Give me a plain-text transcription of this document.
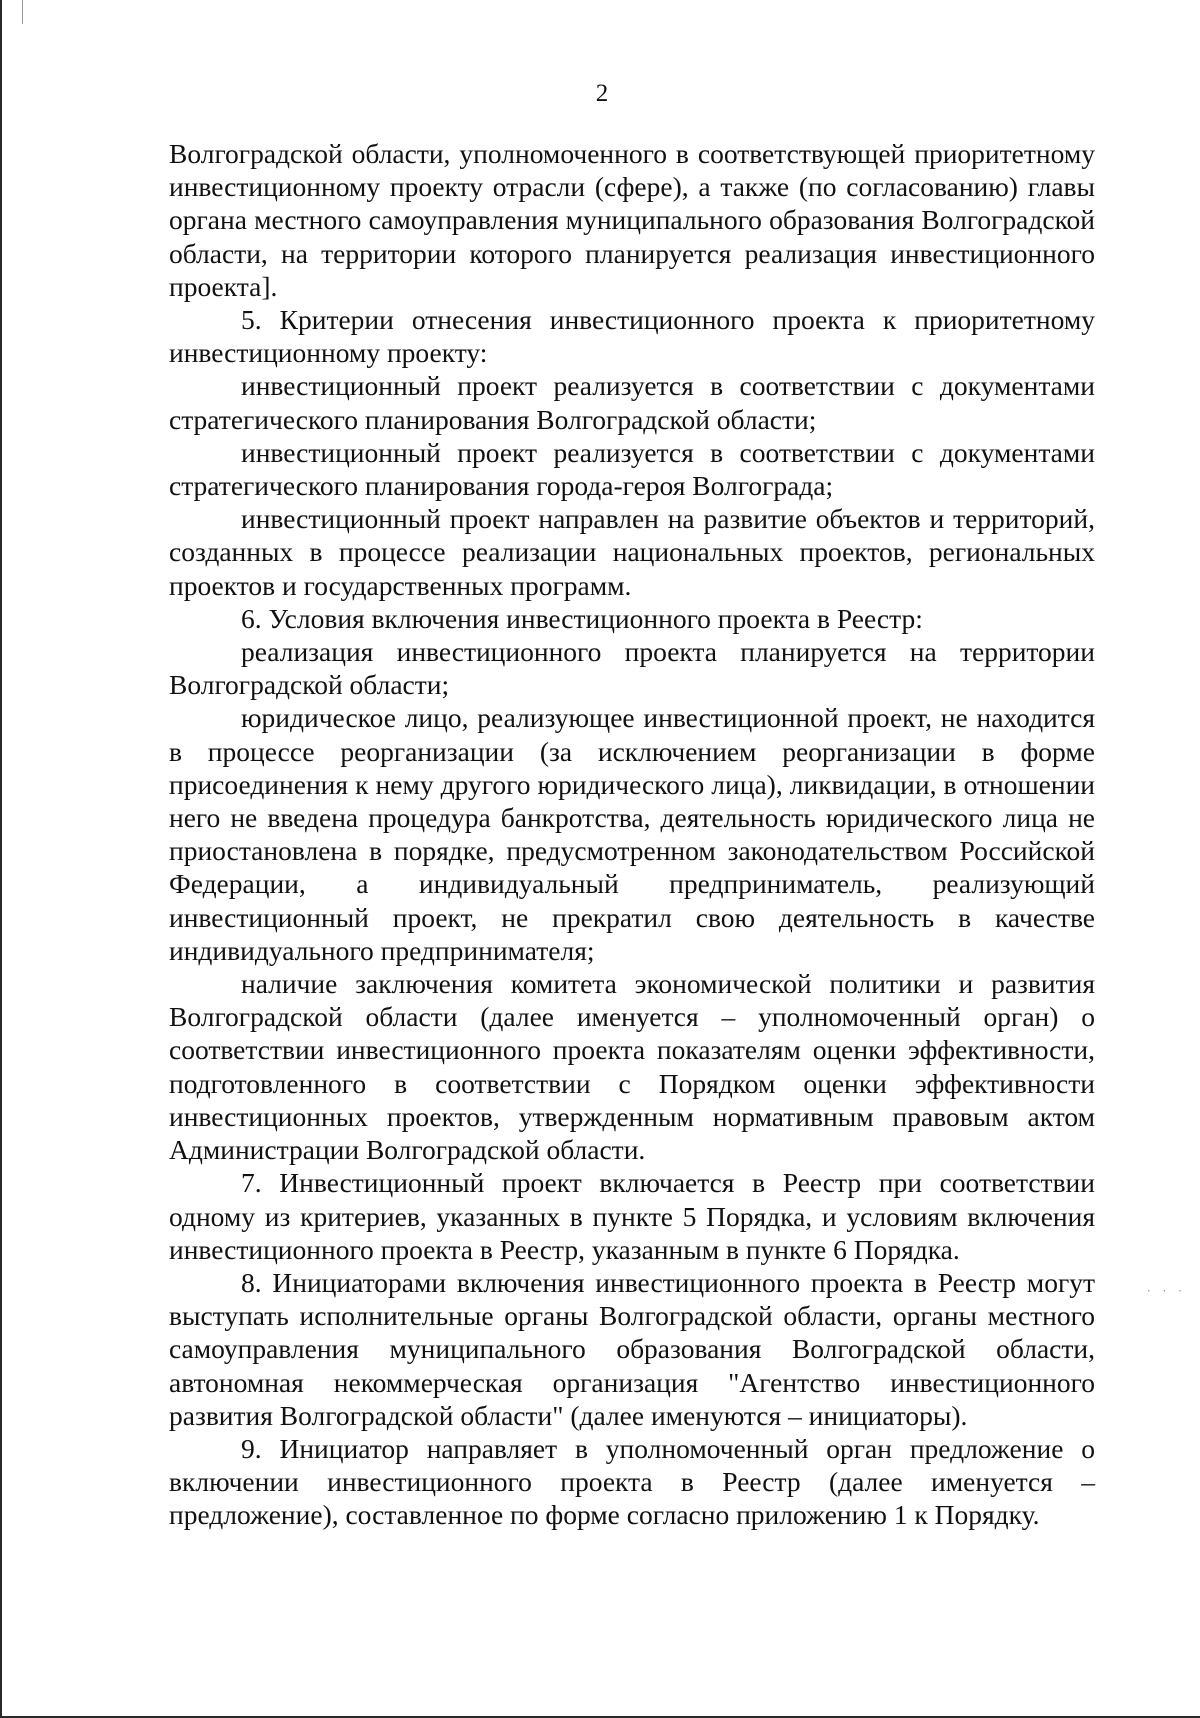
2

Волгоградской области, уполномоченного в соответствующей приоритетному инвестиционному проекту отрасли (сфере), а также (по согласованию) главы органа местного самоуправления муниципального образования Волгоградской области, на территории которого планируется реализация инвестиционного проекта].

5. Критерии отнесения инвестиционного проекта к приоритетному инвестиционному проекту:

инвестиционный проект реализуется в соответствии с документами стратегического планирования Волгоградской области;

инвестиционный проект реализуется в соответствии с документами стратегического планирования города-героя Волгограда;

инвестиционный проект направлен на развитие объектов и территорий, созданных в процессе реализации национальных проектов, региональных проектов и государственных программ.

6. Условия включения инвестиционного проекта в Реестр:

реализация инвестиционного проекта планируется на территории Волгоградской области;

юридическое лицо, реализующее инвестиционной проект, не находится в процессе реорганизации (за исключением реорганизации в форме присоединения к нему другого юридического лица), ликвидации, в отношении него не введена процедура банкротства, деятельность юридического лица не приостановлена в порядке, предусмотренном законодательством Российской Федерации, а индивидуальный предприниматель, реализующий инвестиционный проект, не прекратил свою деятельность в качестве индивидуального предпринимателя;

наличие заключения комитета экономической политики и развития Волгоградской области (далее именуется – уполномоченный орган) о соответствии инвестиционного проекта показателям оценки эффективности, подготовленного в соответствии с Порядком оценки эффективности инвестиционных проектов, утвержденным нормативным правовым актом Администрации Волгоградской области.

7. Инвестиционный проект включается в Реестр при соответствии одному из критериев, указанных в пункте 5 Порядка, и условиям включения инвестиционного проекта в Реестр, указанным в пункте 6 Порядка.

8. Инициаторами включения инвестиционного проекта в Реестр могут выступать исполнительные органы Волгоградской области, органы местного самоуправления муниципального образования Волгоградской области, автономная некоммерческая организация "Агентство инвестиционного развития Волгоградской области" (далее именуются – инициаторы).

9. Инициатор направляет в уполномоченный орган предложение о включении инвестиционного проекта в Реестр (далее именуется – предложение), составленное по форме согласно приложению 1 к Порядку.

· · ·
